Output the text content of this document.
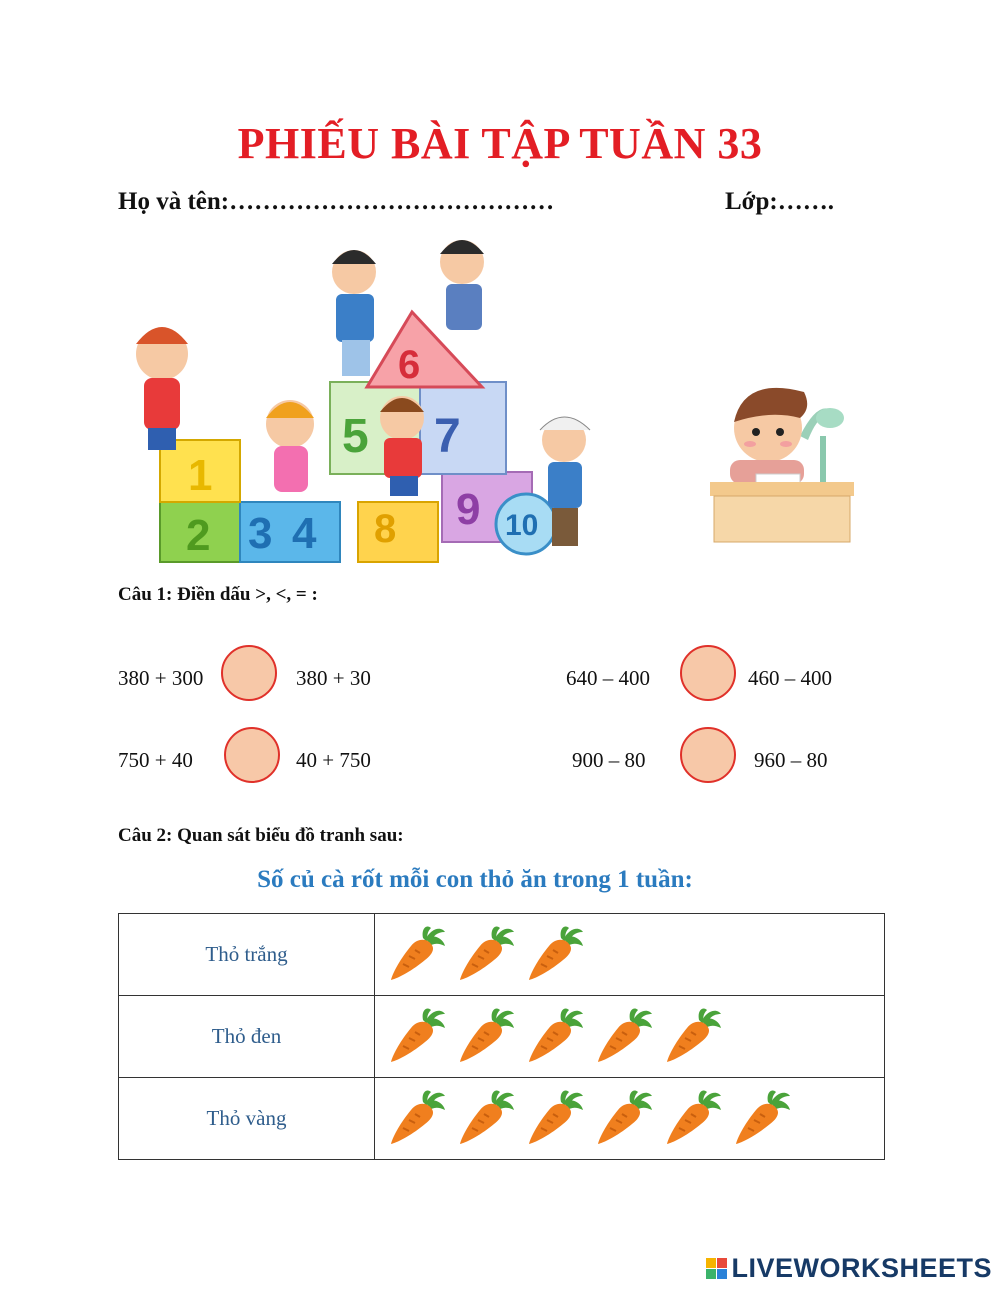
PHIẾU BÀI TẬP TUẦN 33
Họ và tên:…………………………………	Lớp:…….
1
2 3 4
5
6
7
8 9 10
Câu 1: Điền dấu >, <, = :
380 + 300	380 + 30	640 – 400	460 – 400
750 + 40	40 + 750	900 – 80	960 – 80
Câu 2: Quan sát biểu đồ tranh sau:
Số củ cà rốt mỗi con thỏ ăn trong 1 tuần:
Thỏ trắng	
Thỏ đen	
Thỏ vàng	
LIVEWORKSHEETS
